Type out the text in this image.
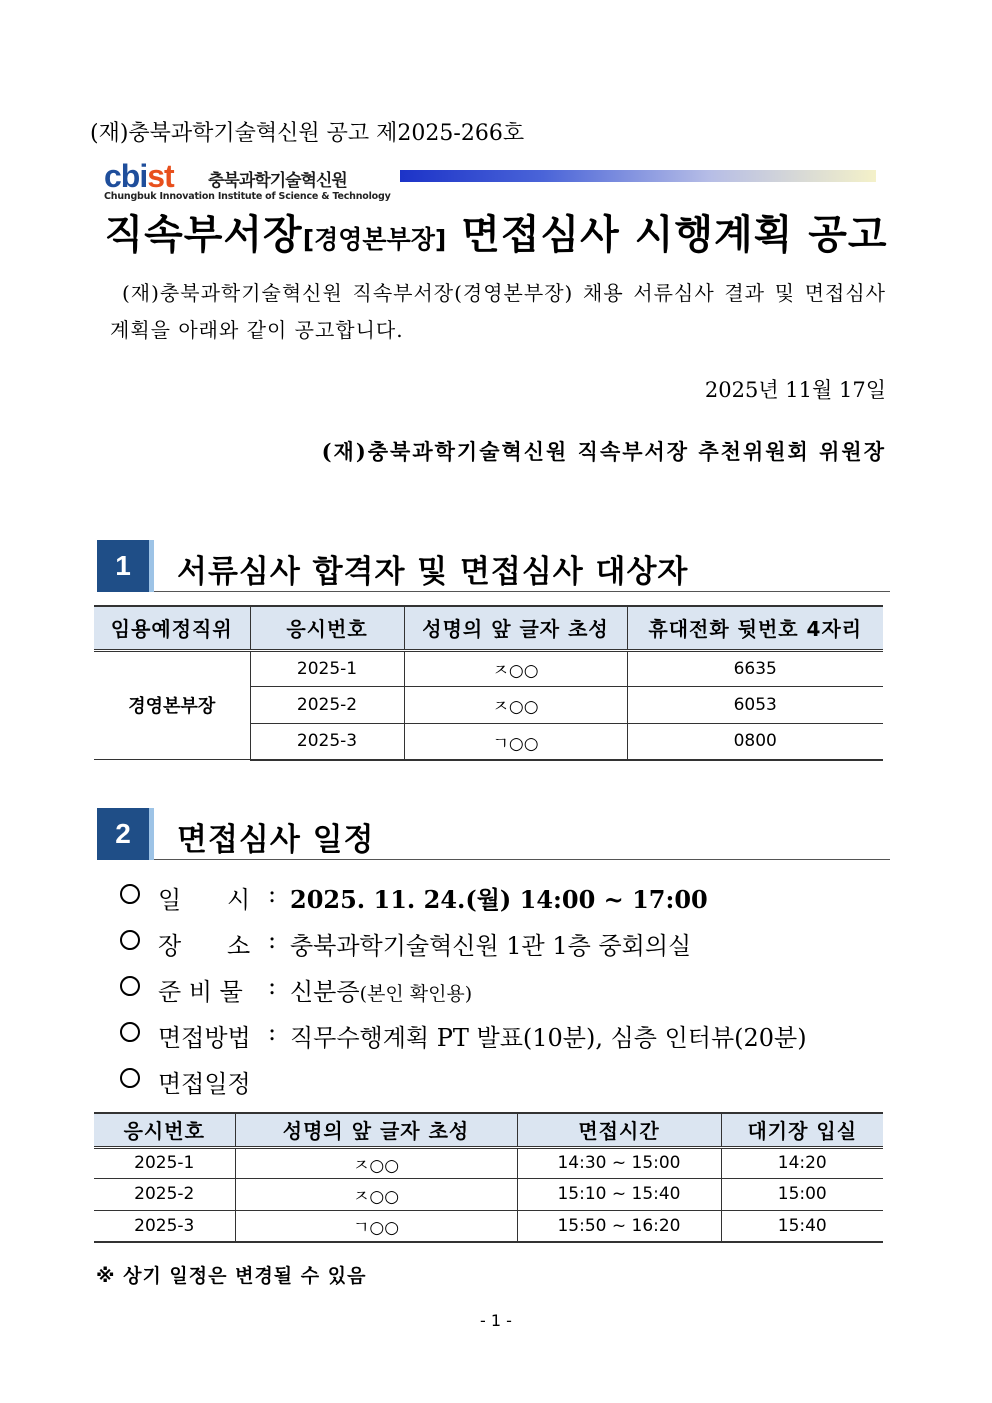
(재)충북과학기술혁신원 공고 제2025-266호
cbist 충북과학기술혁신원
Chungbuk Innovation Institute of Science & Technology
직속부서장[경영본부장] 면접심사 시행계획 공고
(재)충북과학기술혁신원 직속부서장(경영본부장) 채용 서류심사 결과 및 면접심사 계획을 아래와 같이 공고합니다.
2025년 11월 17일
(재)충북과학기술혁신원 직속부서장 추천위원회 위원장
1	서류심사 합격자 및 면접심사 대상자
임용예정직위	응시번호	성명의 앞 글자 초성	휴대전화 뒷번호 4자리
경영본부장	2025-1	ㅈ○○	6635
	2025-2	ㅈ○○	6053
	2025-3	ㄱ○○	0800
2	면접심사 일정
일      시 : 2025. 11. 24.(월) 14:00 ~ 17:00
장      소 : 충북과학기술혁신원 1관 1층 중회의실
준 비 물 : 신분증(본인 확인용)
면접방법 : 직무수행계획 PT 발표(10분), 심층 인터뷰(20분)
면접일정
응시번호	성명의 앞 글자 초성	면접시간	대기장 입실
2025-1	ㅈ○○	14:30 ~ 15:00	14:20
2025-2	ㅈ○○	15:10 ~ 15:40	15:00
2025-3	ㄱ○○	15:50 ~ 16:20	15:40
※ 상기 일정은 변경될 수 있음
- 1 -
